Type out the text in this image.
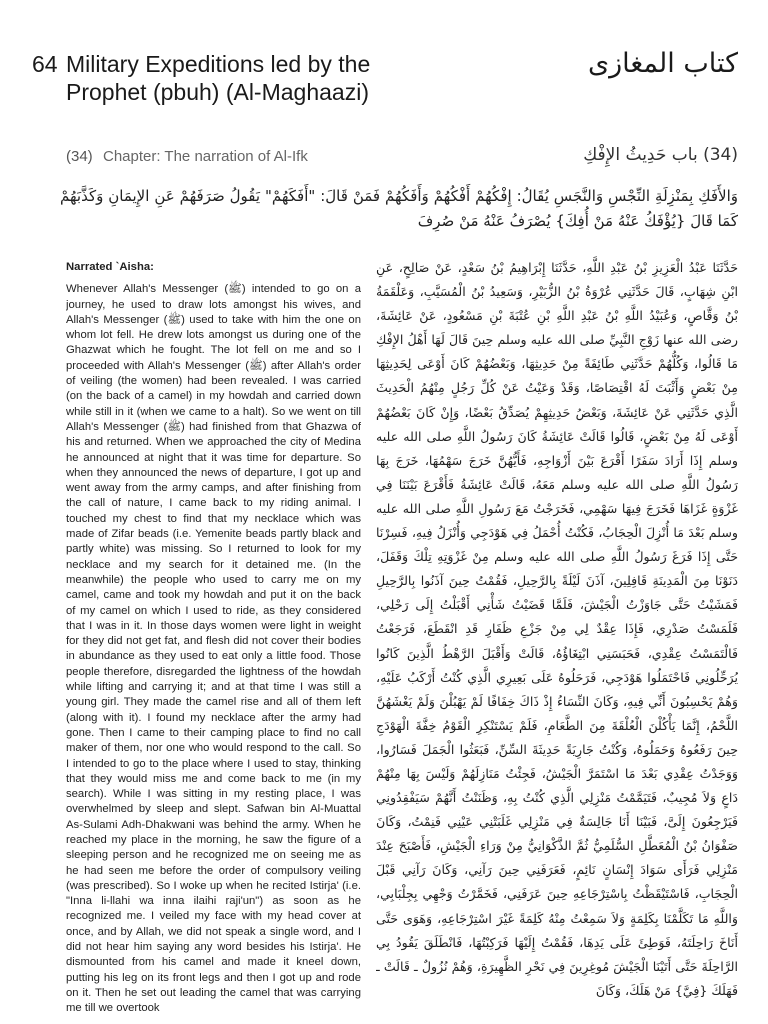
64 Military Expeditions led by the Prophet (pbuh) (Al-Maghaazi)
كتاب المغازى
(34) Chapter: The narration of Al-Ifk	(34) باب حَدِيثُ الإِفْكِ
وَالأَفَكِ بِمَنْزِلَةِ النِّجْسِ وَالنَّجَسِ يُقَالُ: إِفْكُهُمْ أَفْكُهُمْ وَأَفَكُهُمْ فَمَنْ قَالَ: "أَفَكَهُمْ" يَقُولُ صَرَفَهُمْ عَنِ الإِيمَانِ وَكَذَّبَهُمْ كَمَا قَالَ {يُؤْفَكُ عَنْهُ مَنْ أُفِكَ} يُصْرَفُ عَنْهُ مَنْ صُرِفَ

Narrated `Aisha:

Whenever Allah's Messenger (ﷺ) intended to go on a journey, he used to draw lots amongst his wives, and Allah's Messenger (ﷺ) used to take with him the one on whom lot fell. He drew lots amongst us during one of the Ghazwat which he fought. The lot fell on me and so I proceeded with Allah's Messenger (ﷺ) after Allah's order of veiling (the women) had been revealed. I was carried (on the back of a camel) in my howdah and carried down while still in it (when we came to a halt). So we went on till Allah's Messenger (ﷺ) had finished from that Ghazwa of his and returned. When we approached the city of Medina he announced at night that it was time for departure. So when they announced the news of departure, I got up and went away from the army camps, and after finishing from the call of nature, I came back to my riding animal. I touched my chest to find that my necklace which was made of Zifar beads (i.e. Yemenite beads partly black and partly white) was missing. So I returned to look for my necklace and my search for it detained me. (In the meanwhile) the people who used to carry me on my camel, came and took my howdah and put it on the back of my camel on which I used to ride, as they considered that I was in it. In those days women were light in weight for they did not get fat, and flesh did not cover their bodies in abundance as they used to eat only a little food. Those people therefore, disregarded the lightness of the howdah while lifting and carrying it; and at that time I was still a young girl. They made the camel rise and all of them left (along with it). I found my necklace after the army had gone. Then I came to their camping place to find no call maker of them, nor one who would respond to the call. So I intended to go to the place where I used to stay, thinking that they would miss me and come back to me (in my search). While I was sitting in my resting place, I was overwhelmed by sleep and slept. Safwan bin Al-Muattal As-Sulami Adh-Dhakwani was behind the army. When he reached my place in the morning, he saw the figure of a sleeping person and he recognized me on seeing me as he had seen me before the order of compulsory veiling (was prescribed). So I woke up when he recited Istirja' (i.e. "Inna li-llahi wa inna ilaihi raji'un") as soon as he recognized me. I veiled my face with my head cover at once, and by Allah, we did not speak a single word, and I did not hear him saying any word besides his Istirja'. He dismounted from his camel and made it kneel down, putting his leg on its front legs and then I got up and rode on it. Then he set out leading the camel that was carrying me till we overtook

حَدَّثَنَا عَبْدُ الْعَزِيزِ بْنُ عَبْدِ اللَّهِ، حَدَّثَنَا إِبْرَاهِيمُ بْنُ سَعْدٍ، عَنْ صَالِحٍ، عَنِ ابْنِ شِهَابٍ، قَالَ حَدَّثَنِي عُرْوَةُ بْنُ الزُّبَيْرِ، وَسَعِيدُ بْنُ الْمُسَيَّبِ، وَعَلْقَمَةُ بْنُ وَقَّاصٍ، وَعُبَيْدُ اللَّهِ بْنُ عَبْدِ اللَّهِ بْنِ عُتْبَةَ بْنِ مَسْعُودٍ، عَنْ عَائِشَةَ، رضى الله عنها زَوْجِ النَّبِيِّ صلى الله عليه وسلم حِينَ قَالَ لَهَا أَهْلُ الإِفْكِ مَا قَالُوا، وَكُلُّهُمْ حَدَّثَنِي طَائِفَةً مِنْ حَدِيثِهَا، وَبَعْضُهُمْ كَانَ أَوْعَى لِحَدِيثِهَا مِنْ بَعْضٍ وَأَثْبَتَ لَهُ اقْتِصَاصًا، وَقَدْ وَعَيْتُ عَنْ كُلِّ رَجُلٍ مِنْهُمُ الْحَدِيثَ الَّذِي حَدَّثَنِي عَنْ عَائِشَةَ، وَبَعْضُ حَدِيثِهِمْ يُصَدِّقُ بَعْضًا، وَإِنْ كَانَ بَعْضُهُمْ أَوْعَى لَهُ مِنْ بَعْضٍ، قَالُوا قَالَتْ عَائِشَةُ كَانَ رَسُولُ اللَّهِ صلى الله عليه وسلم إِذَا أَرَادَ سَفَرًا أَقْرَعَ بَيْنَ أَزْوَاجِهِ، فَأَيُّهُنَّ خَرَجَ سَهْمُهَا، خَرَجَ بِهَا رَسُولُ اللَّهِ صلى الله عليه وسلم مَعَهُ، قَالَتْ عَائِشَةُ فَأَقْرَعَ بَيْنَنَا فِي غَزْوَةٍ غَزَاهَا فَخَرَجَ فِيهَا سَهْمِي، فَخَرَجْتُ مَعَ رَسُولِ اللَّهِ صلى الله عليه وسلم بَعْدَ مَا أُنْزِلَ الْحِجَابُ، فَكُنْتُ أُحْمَلُ فِي هَوْدَجِي وَأُنْزَلُ فِيهِ، فَسِرْنَا حَتَّى إِذَا فَرَغَ رَسُولُ اللَّهِ صلى الله عليه وسلم مِنْ غَزْوَتِهِ تِلْكَ وَقَفَلَ، دَنَوْنَا مِنَ الْمَدِينَةِ قَافِلِينَ، آذَنَ لَيْلَةً بِالرَّحِيلِ، فَقُمْتُ حِينَ آذَنُوا بِالرَّحِيلِ فَمَشَيْتُ حَتَّى جَاوَزْتُ الْجَيْشَ، فَلَمَّا قَضَيْتُ شَأْنِي أَقْبَلْتُ إِلَى رَحْلِي، فَلَمَسْتُ صَدْرِي، فَإِذَا عِقْدٌ لِي مِنْ جَزْعِ ظَفَارِ قَدِ انْقَطَعَ، فَرَجَعْتُ فَالْتَمَسْتُ عِقْدِي، فَحَبَسَنِي ابْتِغَاؤُهُ، قَالَتْ وَأَقْبَلَ الرَّهْطُ الَّذِينَ كَانُوا يُرَحِّلُونِي فَاحْتَمَلُوا هَوْدَجِي، فَرَحَلُوهُ عَلَى بَعِيرِي الَّذِي كُنْتُ أَرْكَبُ عَلَيْهِ، وَهُمْ يَحْسِبُونَ أَنِّي فِيهِ، وَكَانَ النِّسَاءُ إِذْ ذَاكَ خِفَافًا لَمْ يَهْبُلْنَ وَلَمْ يَغْشَهُنَّ اللَّحْمُ، إِنَّمَا يَأْكُلْنَ الْعُلْقَةَ مِنَ الطَّعَامِ، فَلَمْ يَسْتَنْكِرِ الْقَوْمُ خِفَّةَ الْهَوْدَجِ حِينَ رَفَعُوهُ وَحَمَلُوهُ، وَكُنْتُ جَارِيَةً حَدِيثَةَ السِّنِّ، فَبَعَثُوا الْجَمَلَ فَسَارُوا، وَوَجَدْتُ عِقْدِي بَعْدَ مَا اسْتَمَرَّ الْجَيْشُ، فَجِئْتُ مَنَازِلَهُمْ وَلَيْسَ بِهَا مِنْهُمْ دَاعٍ وَلاَ مُجِيبٌ، فَتَيَمَّمْتُ مَنْزِلِي الَّذِي كُنْتُ بِهِ، وَظَنَنْتُ أَنَّهُمْ سَيَفْقِدُونِي فَيَرْجِعُونَ إِلَىَّ، فَبَيْنَا أَنَا جَالِسَةٌ فِي مَنْزِلِي غَلَبَتْنِي عَيْنِي فَنِمْتُ، وَكَانَ صَفْوَانُ بْنُ الْمُعَطَّلِ السُّلَمِيُّ ثُمَّ الذَّكْوَانِيُّ مِنْ وَرَاءِ الْجَيْشِ، فَأَصْبَحَ عِنْدَ مَنْزِلِي فَرَأَى سَوَادَ إِنْسَانٍ نَائِمٍ، فَعَرَفَنِي حِينَ رَآنِي، وَكَانَ رَآنِي قَبْلَ الْحِجَابِ، فَاسْتَيْقَظْتُ بِاسْتِرْجَاعِهِ حِينَ عَرَفَنِي، فَخَمَّرْتُ وَجْهِي بِجِلْبَابِي، وَاللَّهِ مَا تَكَلَّمْنَا بِكَلِمَةٍ وَلاَ سَمِعْتُ مِنْهُ كَلِمَةً غَيْرَ اسْتِرْجَاعِهِ، وَهَوَى حَتَّى أَنَاخَ رَاحِلَتَهُ، فَوَطِئَ عَلَى يَدِهَا، فَقُمْتُ إِلَيْهَا فَرَكِبْتُهَا، فَانْطَلَقَ يَقُودُ بِي الرَّاحِلَةَ حَتَّى أَتَيْنَا الْجَيْشَ مُوغِرِينَ فِي نَحْرِ الظَّهِيرَةِ، وَهُمْ نُزُولٌ ـ قَالَتْ ـ فَهَلَكَ {فِيَّ} مَنْ هَلَكَ، وَكَانَ
